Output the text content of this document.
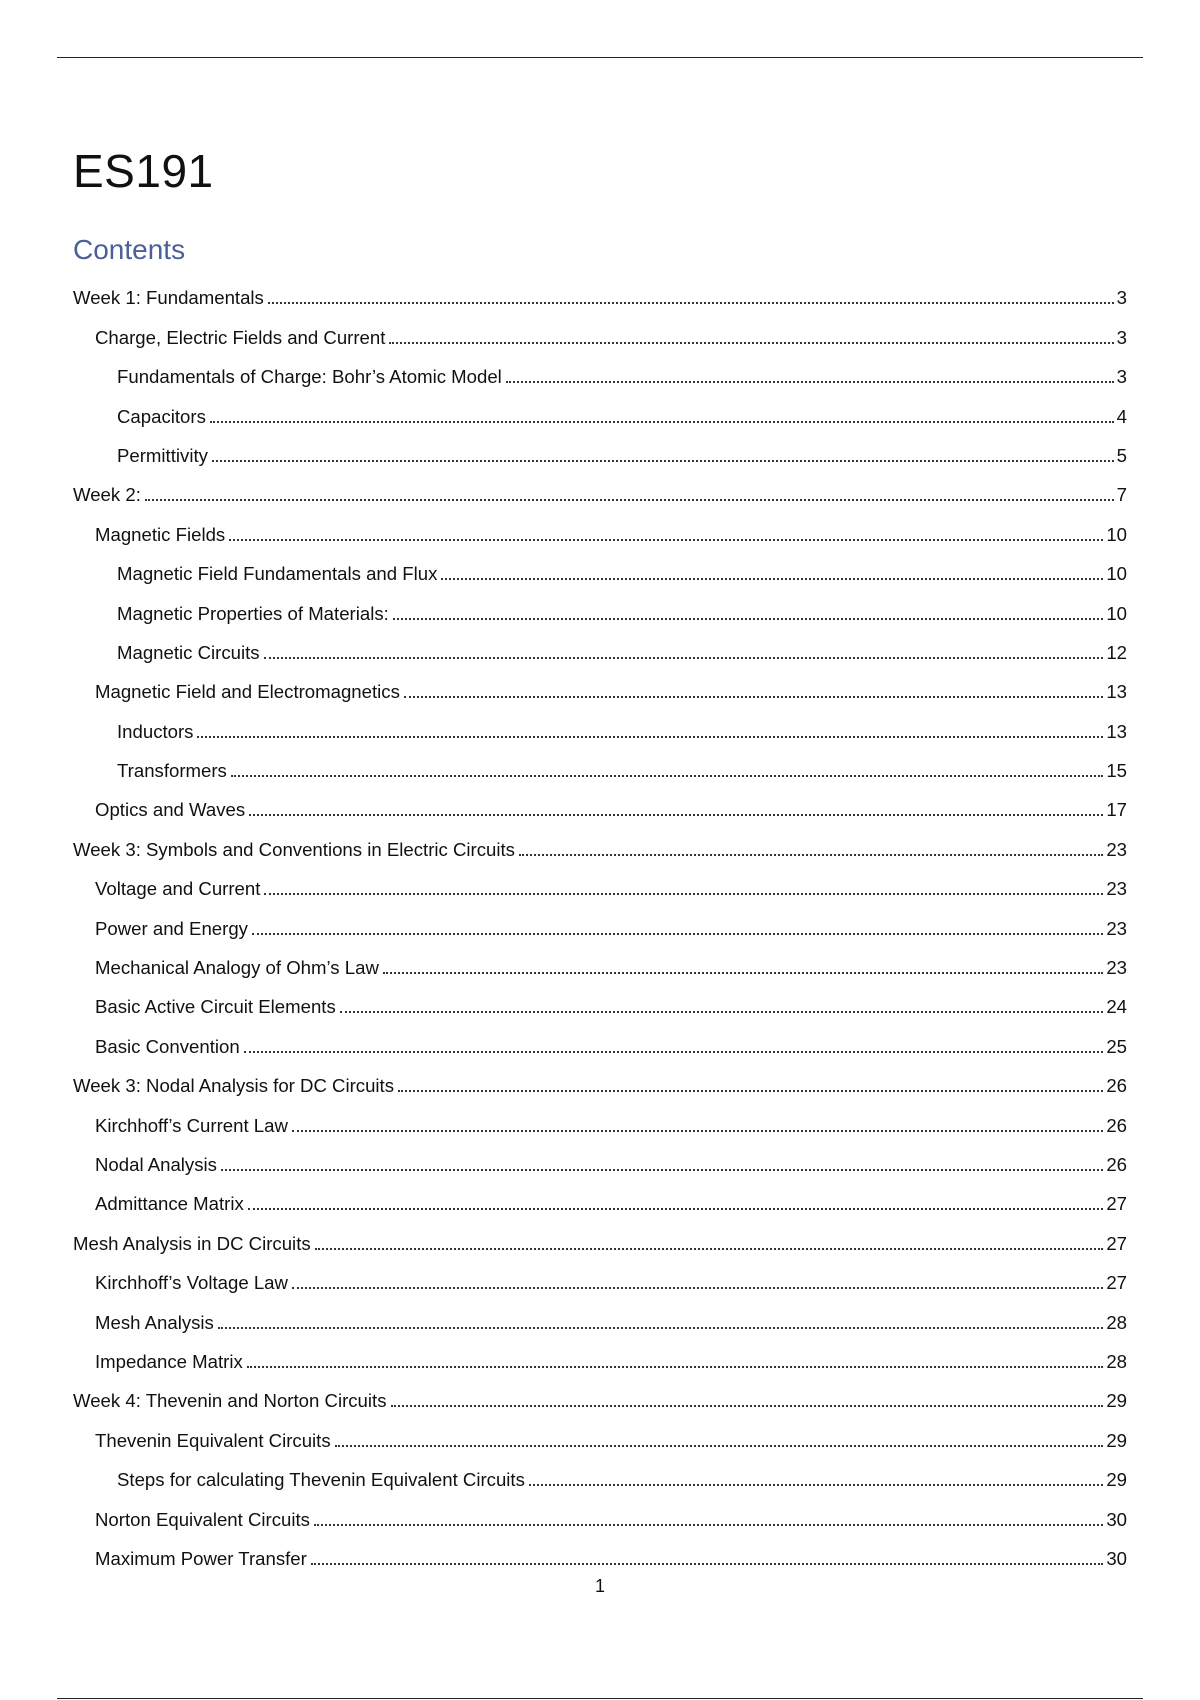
ES191
Contents
Week 1: Fundamentals	3
Charge, Electric Fields and Current	3
Fundamentals of Charge: Bohr’s Atomic Model	3
Capacitors	4
Permittivity	5
Week 2:	7
Magnetic Fields	10
Magnetic Field Fundamentals and Flux	10
Magnetic Properties of Materials:	10
Magnetic Circuits	12
Magnetic Field and Electromagnetics	13
Inductors	13
Transformers	15
Optics and Waves	17
Week 3: Symbols and Conventions in Electric Circuits	23
Voltage and Current	23
Power and Energy	23
Mechanical Analogy of Ohm’s Law	23
Basic Active Circuit Elements	24
Basic Convention	25
Week 3: Nodal Analysis for DC Circuits	26
Kirchhoff’s Current Law	26
Nodal Analysis	26
Admittance Matrix	27
Mesh Analysis in DC Circuits	27
Kirchhoff’s Voltage Law	27
Mesh Analysis	28
Impedance Matrix	28
Week 4: Thevenin and Norton Circuits	29
Thevenin Equivalent Circuits	29
Steps for calculating Thevenin Equivalent Circuits	29
Norton Equivalent Circuits	30
Maximum Power Transfer	30
1
